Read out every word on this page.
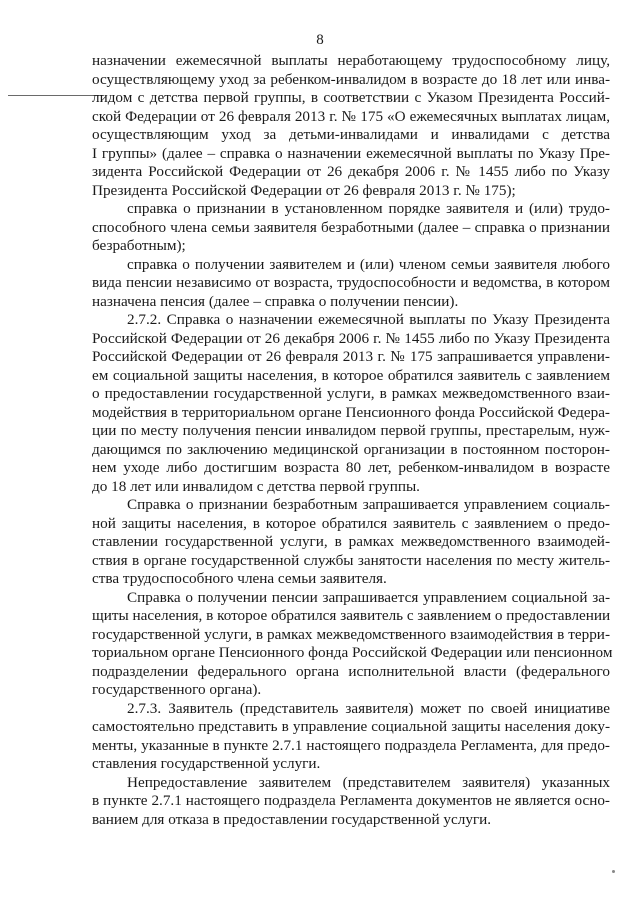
8
назначении ежемесячной выплаты неработающему трудоспособному лицу,
осуществляющему уход за ребенком-инвалидом в возрасте до 18 лет или инва-
лидом с детства первой группы, в соответствии с Указом Президента Россий-
ской Федерации от 26 февраля 2013 г. № 175 «О ежемесячных выплатах лицам,
осуществляющим уход за детьми-инвалидами и инвалидами с детства
I группы» (далее – справка о назначении ежемесячной выплаты по Указу Пре-
зидента Российской Федерации от 26 декабря 2006 г. № 1455 либо по Указу
Президента Российской Федерации от 26 февраля 2013 г. № 175);
справка о признании в установленном порядке заявителя и (или) трудо-
способного члена семьи заявителя безработными (далее – справка о признании
безработным);
справка о получении заявителем и (или) членом семьи заявителя любого
вида пенсии независимо от возраста, трудоспособности и ведомства, в котором
назначена пенсия (далее – справка о получении пенсии).
2.7.2. Справка о назначении ежемесячной выплаты по Указу Президента
Российской Федерации от 26 декабря 2006 г. № 1455 либо по Указу Президента
Российской Федерации от 26 февраля 2013 г. № 175 запрашивается управлени-
ем социальной защиты населения, в которое обратился заявитель с заявлением
о предоставлении государственной услуги, в рамках межведомственного взаи-
модействия в территориальном органе Пенсионного фонда Российской Федера-
ции по месту получения пенсии инвалидом первой группы, престарелым, нуж-
дающимся по заключению медицинской организации в постоянном посторон-
нем уходе либо достигшим возраста 80 лет, ребенком-инвалидом в возрасте
до 18 лет или инвалидом с детства первой группы.
Справка о признании безработным запрашивается управлением социаль-
ной защиты населения, в которое обратился заявитель с заявлением о предо-
ставлении государственной услуги, в рамках межведомственного взаимодей-
ствия в органе государственной службы занятости населения по месту житель-
ства трудоспособного члена семьи заявителя.
Справка о получении пенсии запрашивается управлением социальной за-
щиты населения, в которое обратился заявитель с заявлением о предоставлении
государственной услуги, в рамках межведомственного взаимодействия в терри-
ториальном органе Пенсионного фонда Российской Федерации или пенсионном
подразделении федерального органа исполнительной власти (федерального
государственного органа).
2.7.3. Заявитель (представитель заявителя) может по своей инициативе
самостоятельно представить в управление социальной защиты населения доку-
менты, указанные в пункте 2.7.1 настоящего подраздела Регламента, для предо-
ставления государственной услуги.
Непредоставление заявителем (представителем заявителя) указанных
в пункте 2.7.1 настоящего подраздела Регламента документов не является осно-
ванием для отказа в предоставлении государственной услуги.
